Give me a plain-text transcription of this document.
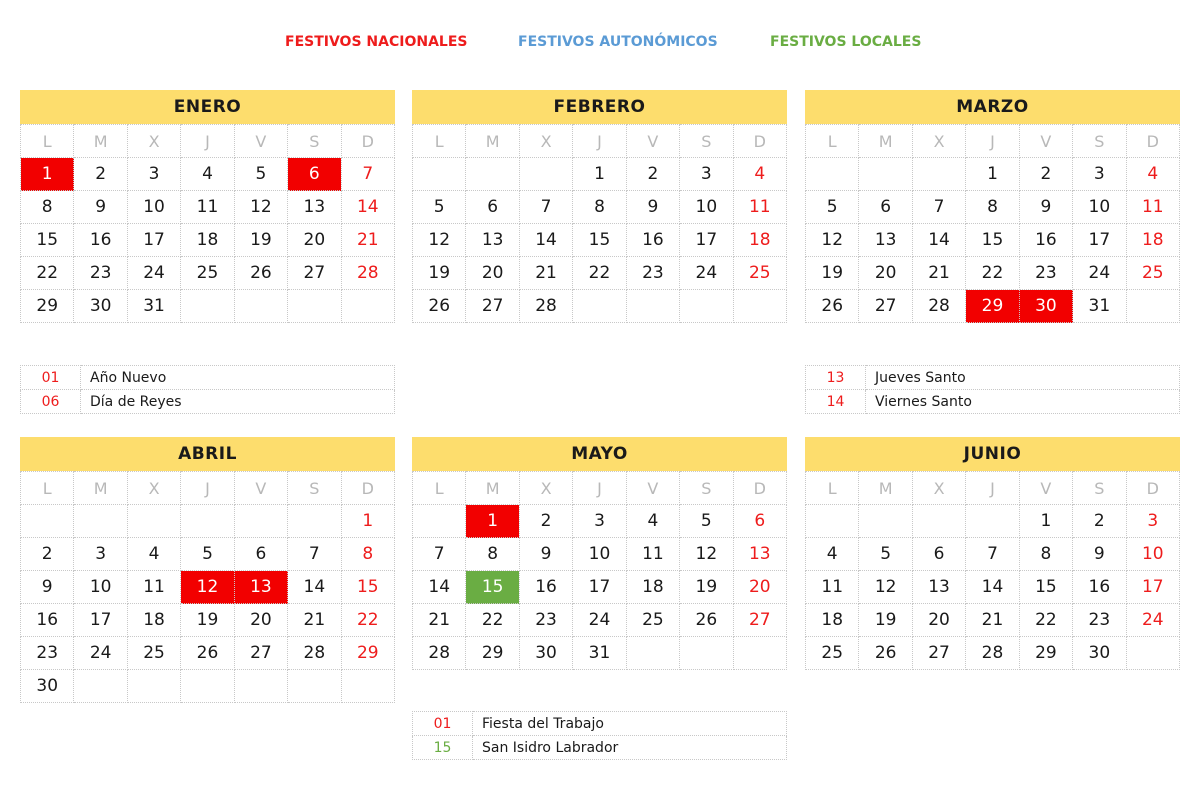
FESTIVOS NACIONALES	FESTIVOS AUTONÓMICOS	FESTIVOS LOCALES
ENERO
L	M	X	J	V	S	D
1	2	3	4	5	6	7
8	9	10	11	12	13	14
15	16	17	18	19	20	21
22	23	24	25	26	27	28
29	30	31				
FEBRERO
L	M	X	J	V	S	D
			1	2	3	4
5	6	7	8	9	10	11
12	13	14	15	16	17	18
19	20	21	22	23	24	25
26	27	28				
MARZO
L	M	X	J	V	S	D
			1	2	3	4
5	6	7	8	9	10	11
12	13	14	15	16	17	18
19	20	21	22	23	24	25
26	27	28	29	30	31	
ABRIL
L	M	X	J	V	S	D
						1
2	3	4	5	6	7	8
9	10	11	12	13	14	15
16	17	18	19	20	21	22
23	24	25	26	27	28	29
30						
MAYO
L	M	X	J	V	S	D
	1	2	3	4	5	6
7	8	9	10	11	12	13
14	15	16	17	18	19	20
21	22	23	24	25	26	27
28	29	30	31			
JUNIO
L	M	X	J	V	S	D
				1	2	3
4	5	6	7	8	9	10
11	12	13	14	15	16	17
18	19	20	21	22	23	24
25	26	27	28	29	30	
01	Año Nuevo
06	Día de Reyes
13	Jueves Santo
14	Viernes Santo
01	Fiesta del Trabajo
15	San Isidro Labrador
